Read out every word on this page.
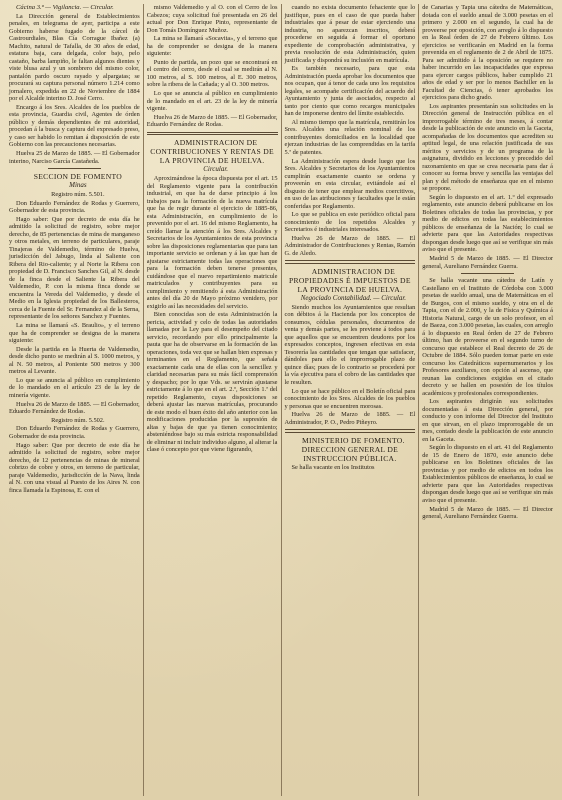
Cácina 3.ª — Vigilancia. — Circular.

La Dirección general de Establecimientos penales, en telegrama de ayer, participa a este Gobierno haberse fugado de la cárcel de Castrourdiales, Blas Cía Corrague Ibañez (a) Machito, natural de Tafalla, de 30 años de edad, estatura baja, cara delgada, color bajo, pelo castaño, barba lampiño, le faltan algunos dientes y viste blusa azul y un sombrero del mismo color, pantalón pardo oscuro rayado y alpargatas; se procurará su captura personal número 1.214 como jornalero, expedida en 22 de Noviembre de 1884 por el Alcalde interino D. José Cerro.

Encargo á los Sres. Alcaldes de los pueblos de esta provincia, Guardia civil, Agentes de órden público y demás dependientes de mi autoridad, procedan á la busca y captura del expresado preso, y caso ser habido lo remitan á disposición de este Gobierno con las precauciones necesarias.

Huelva 25 de Marzo de 1885. — El Gobernador interino, Narciso García Castañeda.

SECCION DE FOMENTO

Minas

Registro núm. 5.501.

Don Eduardo Fernández de Rodas y Guerrero, Gobernador de esta provincia.

Hago saber: Que por decreto de esta día he admitido la solicitud de registro, sobre mejor derecho, de 85 pertenencias de mina de manganeso y otros metales, en terreno de particulares, paraje Tinajeras de Valdemedio, término de Huelva, jurisdicción del Jabugo, linda al Saliente con Ribera del Rio-caliente; y al Norte la Ribera con propiedad de D. Francisco Sanches Gil, al N. desde de la finca desde el Saliente la Ribera del Valdemedio, P. con la misma finca donde se encuentra la Vereda del Valdemedio, y desde el Medio en la Iglesia propiedad de los Ballesteros, cerca de la Fuente del Sr. Fernandez al de la Serna, representante de los señores Sanchez y Fuentes.

La mina se llamará «S. Braulio», y el terreno que ha de comprender se designa de la manera siguiente:

Desde la partida en la Huerta de Valdemedio, desde dicho punto se medirán al S. 1000 metros, y al N. 50 metros, al Poniente 500 metros y 300 metros al Levante.

Lo que se anuncia al público en cumplimiento de lo mandado en el artículo 23 de la ley de minería vigente.

Huelva 26 de Marzo de 1885. — El Gobernador, Eduardo Fernández de Rodas.

Registro núm. 5.502.

Don Eduardo Fernández de Rodas y Guerrero, Gobernador de esta provincia.

Hago saber: Que por decreto de este día he admitido la solicitud de registro, sobre mejor derecho, de 12 pertenencias de minas de mineral cobrizo de cobre y otros, en terreno de particular, paraje Valdemedio, jurisdicción de la Nava, linda al N. con una visual al Puesto de los Aires N. con finca llamada la Espinosa, E. con el

mismo Valdemedio y al O. con el Cerro de los Cabezos; cuya solicitud fué presentada en 26 del actual por Don Enrique Pinto, representante de Don Tomás Domínguez Muñoz.

La mina se llamará «Socavita», y el terreno que ha de comprender se designa de la manera siguiente:

Punto de partida, un pozo que se encontrará en el centro del cerro, desde el cual se medirán al N. 100 metros, al S. 100 metros, al E. 300 metros, sobre la ribera de la Cañada; y al O. 300 metros.

Lo que se anuncia al público en cumplimiento de lo mandado en el art. 23 de la ley de minería vigente.

Huelva 26 de Marzo de 1885. — El Gobernador, Eduardo Fernández de Rodas.

ADMINISTRACION DE CONTRIBUCIONES Y RENTAS DE LA PROVINCIA DE HUELVA.

Circular.

Aproximándose la época dispuesta por el art. 15 del Reglamento vigente para la contribución industrial, en que ha de darse principio á los trabajos para la formación de la nueva matrícula que ha de regir durante el ejercicio de 1885-86, esta Administración, en cumplimiento de lo prevenido por el art. 16 del mismo Reglamento, ha creído llamar la atención á los Sres. Alcaldes y Secretarios de los Ayuntamientos de esta provincia sobre las disposiciones reglamentarias que para tan importante servicio se ordenan y á las que han de ajustarse estrictamente todas las operaciones que para la formación deben tenerse presentes, cuidándose que el nuevo repartimiento matricule matriculados y contribuyentes para su cumplimiento y remitiendo á esta Administración antes del día 20 de Mayo próximo venidero, por exigirlo así las necesidades del servicio.

Bien conocidas son de esta Administración la pericia, actividad y celo de todas las autoridades llamadas por la Ley para el desempeño del citado servicio, recordando por ello principalmente la pauta que ha de observarse en la formación de las operaciones, toda vez que se hallan bien expresas y terminantes en el Reglamento, que señala exactamente cada una de ellas con la sencillez y claridad necesarias para su más fácil comprensión y despacho; por lo que Vds. se servirán ajustarse estrictamente á lo que en el art. 2.º, Sección 1.ª del repetido Reglamento, cuyas disposiciones se deberá ajustar las nuevas matrículas, procurando de este modo el buen éxito del año anterior con las modificaciones producidas por la supresión de altas y bajas de que ya tienen conocimiento; absteniéndose bajo su más estricta responsabilidad de eliminar ni incluir individuo alguno, al alterar la clase ó concepto por que viene figurando,

cuando no exista documento fehaciente que lo justifique, pues en el caso de que pueda haber industriales que á pesar de estar ejerciendo una industria, no aparezcan inscritos, deberá procederse en seguida á formar el oportuno expediente de comprobación administrativa, y previa resolución de esta Administración, quien justificada y dispondrá su inclusión en matrícula.

Es también necesario, para que esta Administración pueda aprobar los documentos que nos ocupan, que á tenor de cada uno los requisitos legales, se acompañe certificación del acuerdo del Ayuntamiento y junta de asociados, respecto al tanto por ciento que como recargos municipales han de imponerse dentro del límite establecido.

Al mismo tiempo que la matrícula, remitirán los Sres. Alcaldes una relación nominal de los contribuyentes domiciliados en la localidad que ejerzan industrias de las comprendidas en la tarifa 5.ª de patentes.

La Administración espera desde luego que los Sres. Alcaldes y Secretarios de los Ayuntamientos cumplirán exactamente cuanto se ordena y proveerán en esta circular, evitándole así el disgusto de tener que emplear medios coercitivos, en uso de las atribuciones y facultades que le están conferidas por Reglamento.

Lo que se publica en este periódico oficial para conocimiento de los repetidos Alcaldes y Secretarios é industriales interesados.

Huelva 26 de Marzo de 1885. — El Administrador de Contribuciones y Rentas, Ramón G. de Aledo.

ADMINISTRACION DE PROPIEDADES É IMPUESTOS DE LA PROVINCIA DE HUELVA.

Negociado Contabilidad. — Circular.

Siendo muchos los Ayuntamientos que resultan con débitos á la Hacienda por los conceptos de consumos, cédulas personales, documentos de venta y demás partes, se les previene á todos para que aquellos que se encuentren deudores por los expresados conceptos, ingresen efectivas en esta Tesorería las cantidades que tengan que satisfacer, dándoles para ello el improrrogable plazo de quince días; pues de lo contrario se procederá por la vía ejecutiva para el cobro de las cantidades que le resulten.

Lo que se hace público en el Boletín oficial para conocimiento de los Sres. Alcaldes de los pueblos y personas que se encuentren morosas.

Huelva 26 de Marzo de 1885. — El Administrador, P. O., Pedro Piñeyro.

MINISTERIO DE FOMENTO. DIRECCION GENERAL DE INSTRUCCION PÚBLICA.

Se halla vacante en los Institutos

de Canarias y Tapia una cátedra de Matemáticas, dotada con el sueldo anual de 3.000 pesetas en el primero y 2.000 en el segundo, la cual ha de proveerse por oposición, con arreglo á lo dispuesto en la Real órden de 27 de Febrero último. Los ejercicios se verificarán en Madrid en la forma prevenida en el reglamento de 2 de Abril de 1875. Para ser admitido á la oposición se requiere no haber incurrido en las incapacidades que expresa para ejercer cargos públicos, haber cumplido 21 años de edad y ser por lo menos Bachiller en la Facultad de Ciencias, ó tener aprobados los ejercicios para dicho grado.

Los aspirantes presentarán sus solicitudes en la Dirección general de Instrucción pública en el improrrogable término de tres meses, á contar desde la publicación de este anuncio en la Gaceta, acompañadas de los documentos que acrediten su aptitud legal, de una relación justificada de sus méritos y servicios y de un programa de la asignatura, dividido en lecciones y precedido del razonamiento en que se crea necesaria para dar á conocer su forma breve y sencilla las ventajas del plan y del método de enseñanza que en el mismo se propone.

Según lo dispuesto en el art. 1.º del expresado reglamento, este anuncio deberá publicarse en los Boletines oficiales de todas las provincias, y por medio de edictos en todas las establecimientos públicos de enseñanza de la Nación; lo cual se advierte para que las Autoridades respectivas dispongan desde luego que así se verifique sin más aviso que el presente.

Madrid 5 de Marzo de 1885. — El Director general, Aureliano Fernández Guerra.

Se halla vacante una cátedra de Latín y Castellano en el Instituto de Córdoba con 3.000 pesetas de sueldo anual, una de Matemáticas en el de Burgos, con el mismo sueldo, y otra en el de Tapia, con el de 2.000, y la de Física y Química á Historia Natural, cargo de un solo profesor, en el de Baeza, con 3.000 pesetas, las cuales, con arreglo á lo dispuesto en Real órden de 27 de Febrero último, han de proveerse en el segundo turno de concurso que establece el Real decreto de 26 de Octubre de 1884. Sólo pueden tomar parte en este concurso los Catedráticos supernumerarios y los Profesores auxiliares, con opción al ascenso, que reunan las condiciones exigidas en el citado decreto y se hallen en posesión de los títulos académicos y profesionales correspondientes.

Los aspirantes dirigirán sus solicitudes documentadas á esta Dirección general, por conducto y con informe del Director del Instituto en que sirvan, en el plazo improrrogable de un mes, contado desde la publicación de este anuncio en la Gaceta.

Según lo dispuesto en el art. 41 del Reglamento de 15 de Enero de 1870, este anuncio debe publicarse en los Boletines oficiales de las provincias y por medio de edictos en todos los Establecimientos públicos de enseñanza, lo cual se advierte para que las Autoridades respectivas dispongan desde luego que así se verifique sin más aviso que el presente.

Madrid 5 de Marzo de 1885. — El Director general, Aureliano Fernández Guerra.
